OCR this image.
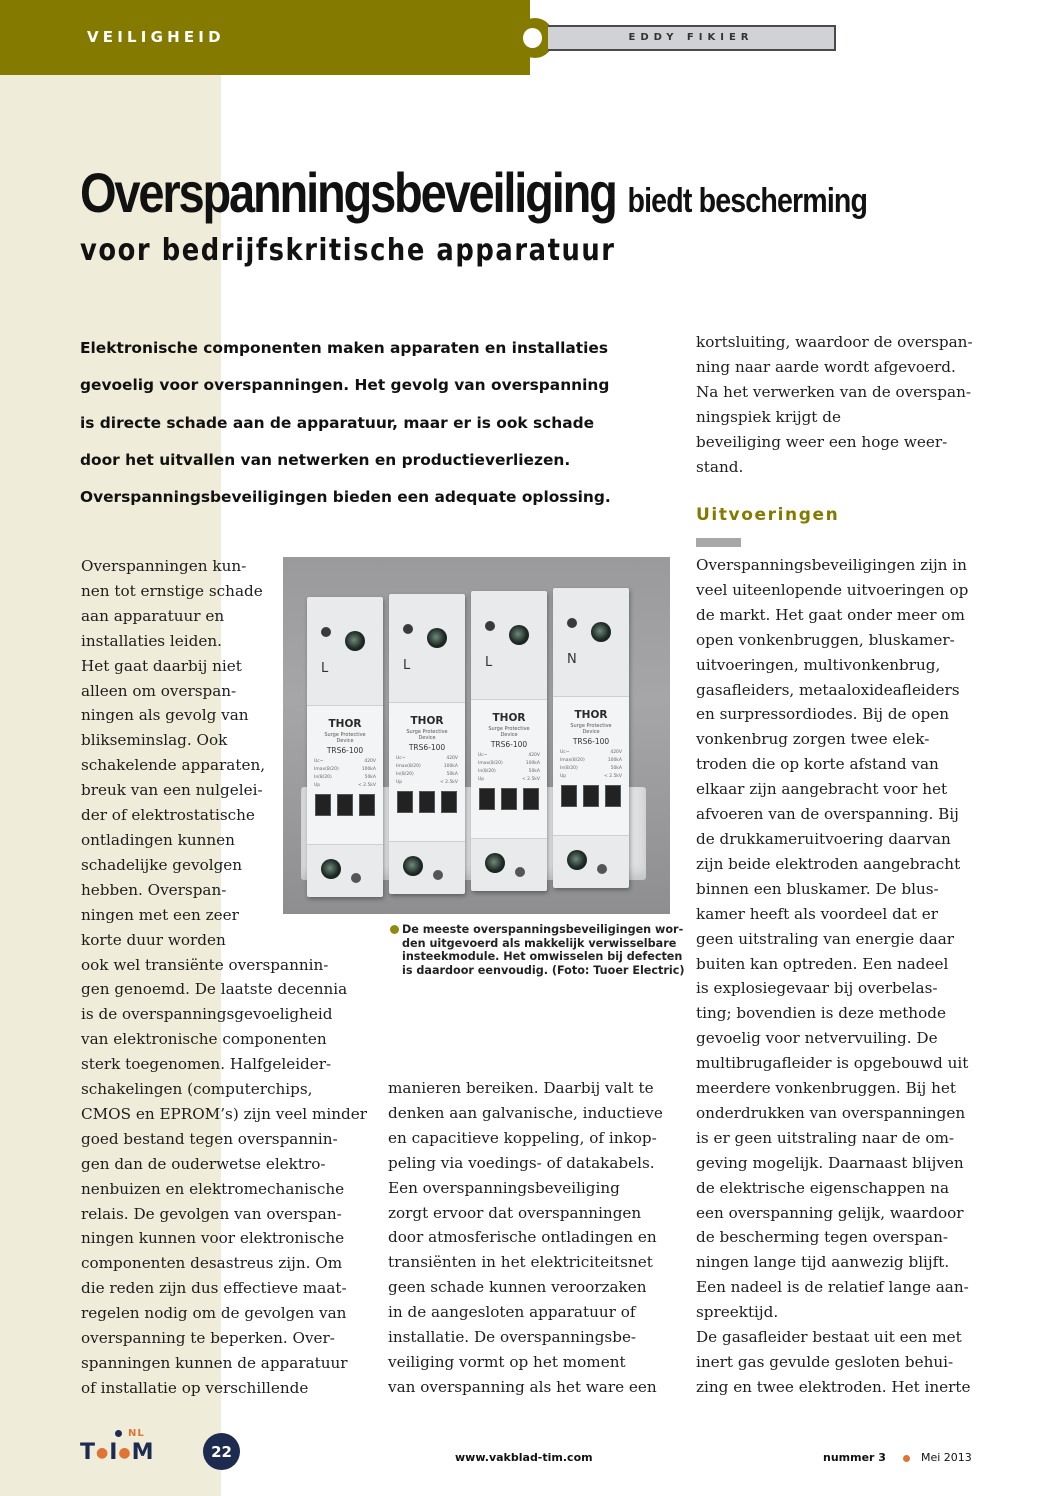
VEILIGHEID	EDDY FIKIER
Overspanningsbeveiliging biedt bescherming
voor bedrijfskritische apparatuur

Elektronische componenten maken apparaten en installaties

gevoelig voor overspanningen. Het gevolg van overspanning

is directe schade aan de apparatuur, maar er is ook schade

door het uitvallen van netwerken en productieverliezen.

Overspanningsbeveiligingen bieden een adequate oplossing.

Overspanningen kun-

nen tot ernstige schade

aan apparatuur en

installaties leiden.

Het gaat daarbij niet

alleen om overspan-

ningen als gevolg van

blikseminslag. Ook

schakelende apparaten,

breuk van een nulgelei-

der of elektrostatische

ontladingen kunnen

schadelijke gevolgen

hebben. Overspan-

ningen met een zeer

korte duur worden

ook wel transiënte overspannin-

gen genoemd. De laatste decennia

is de overspanningsgevoeligheid

van elektronische componenten

sterk toegenomen. Halfgeleider-

schakelingen (computerchips,

CMOS en EPROM’s) zijn veel minder

goed bestand tegen overspannin-

gen dan de ouderwetse elektro-

nenbuizen en elektromechanische

relais. De gevolgen van overspan-

ningen kunnen voor elektronische

componenten desastreus zijn. Om

die reden zijn dus effectieve maat-

regelen nodig om de gevolgen van

overspanning te beperken. Over-

spanningen kunnen de apparatuur

of installatie op verschillende

L
THOR
Surge Protective
Device
TRS6-100
Uc~	420V
Imax(8/20)	100kA
In(8/20)	50kA
Up	< 2.5kV
L
THOR
Surge Protective
Device
TRS6-100
Uc~	420V
Imax(8/20)	100kA
In(8/20)	50kA
Up	< 2.5kV
L
THOR
Surge Protective
Device
TRS6-100
Uc~	420V
Imax(8/20)	100kA
In(8/20)	50kA
Up	< 2.5kV
N
THOR
Surge Protective
Device
TRS6-100
Uc~	420V
Imax(8/20)	100kA
In(8/20)	50kA
Up	< 2.5kV

De meeste overspanningsbeveiligingen wor-

den uitgevoerd als makkelijk verwisselbare

insteekmodule. Het omwisselen bij defecten

is daardoor eenvoudig. (Foto: Tuoer Electric)

manieren bereiken. Daarbij valt te

denken aan galvanische, inductieve

en capacitieve koppeling, of inkop-

peling via voedings- of datakabels.

Een overspanningsbeveiliging

zorgt ervoor dat overspanningen

door atmosferische ontladingen en

transiënten in het elektriciteitsnet

geen schade kunnen veroorzaken

in de aangesloten apparatuur of

installatie. De overspanningsbe-

veiliging vormt op het moment

van overspanning als het ware een

kortsluiting, waardoor de overspan-

ning naar aarde wordt afgevoerd.

Na het verwerken van de overspan-

ningspiek krijgt de

beveiliging weer een hoge weer-

stand.

Uitvoeringen

Overspanningsbeveiligingen zijn in

veel uiteenlopende uitvoeringen op

de markt. Het gaat onder meer om

open vonkenbruggen, bluskamer-

uitvoeringen, multivonkenbrug,

gasafleiders, metaaloxideafleiders

en surpressordiodes. Bij de open

vonkenbrug zorgen twee elek-

troden die op korte afstand van

elkaar zijn aangebracht voor het

afvoeren van de overspanning. Bij

de drukkameruitvoering daarvan

zijn beide elektroden aangebracht

binnen een bluskamer. De blus-

kamer heeft als voordeel dat er

geen uitstraling van energie daar

buiten kan optreden. Een nadeel

is explosiegevaar bij overbelas-

ting; bovendien is deze methode

gevoelig voor netvervuiling. De

multibrugafleider is opgebouwd uit

meerdere vonkenbruggen. Bij het

onderdrukken van overspanningen

is er geen uitstraling naar de om-

geving mogelijk. Daarnaast blijven

de elektrische eigenschappen na

een overspanning gelijk, waardoor

de bescherming tegen overspan-

ningen lange tijd aanwezig blijft.

Een nadeel is de relatief lange aan-

spreektijd.

De gasafleider bestaat uit een met

inert gas gevulde gesloten behui-

zing en twee elektroden. Het inerte

NL
T●I●M	22	www.vakblad-tim.com	nummer 3	Mei 2013
